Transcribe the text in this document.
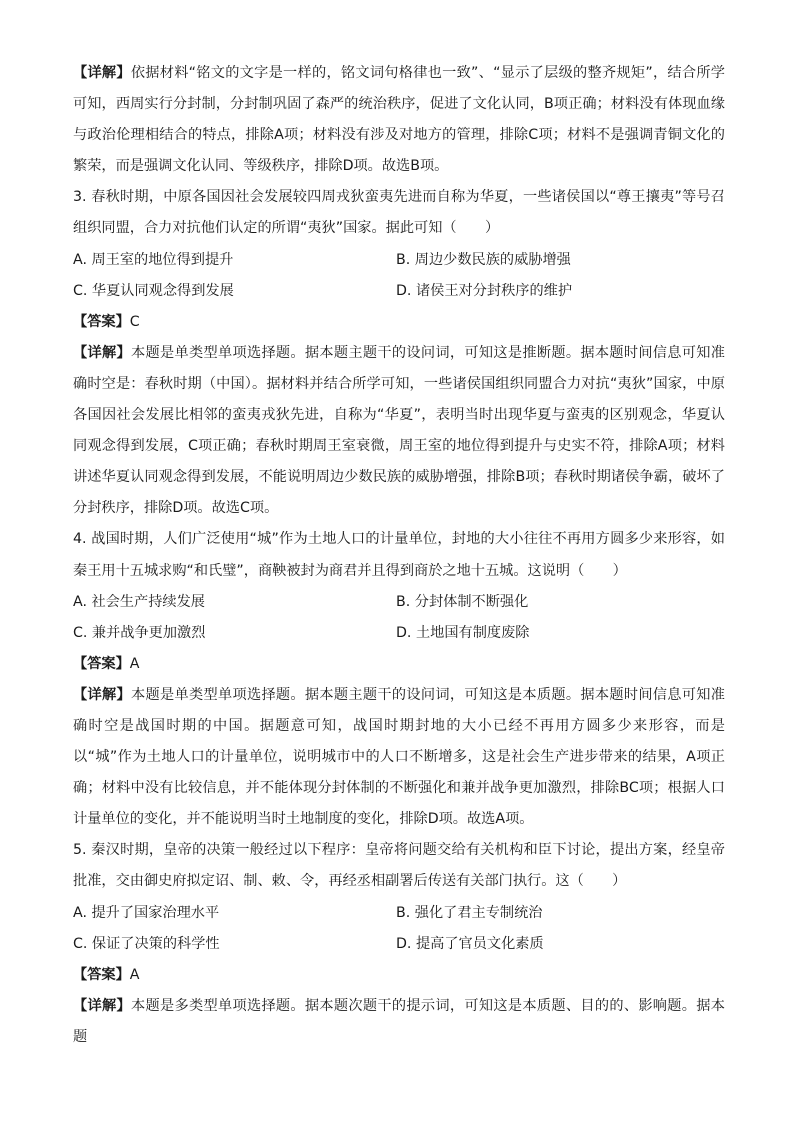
【详解】依据材料“铭文的文字是一样的，铭文词句格律也一致”、“显示了层级的整齐规矩”，结合所学可知，西周实行分封制，分封制巩固了森严的统治秩序，促进了文化认同，B项正确；材料没有体现血缘与政治伦理相结合的特点，排除A项；材料没有涉及对地方的管理，排除C项；材料不是强调青铜文化的繁荣，而是强调文化认同、等级秩序，排除D项。故选B项。

3. 春秋时期，中原各国因社会发展较四周戎狄蛮夷先进而自称为华夏，一些诸侯国以“尊王攘夷”等号召组织同盟，合力对抗他们认定的所谓“夷狄”国家。据此可知（　　）

A. 周王室的地位得到提升	B. 周边少数民族的威胁增强
C. 华夏认同观念得到发展	D. 诸侯王对分封秩序的维护
【答案】C

【详解】本题是单类型单项选择题。据本题主题干的设问词，可知这是推断题。据本题时间信息可知准确时空是：春秋时期（中国）。据材料并结合所学可知，一些诸侯国组织同盟合力对抗“夷狄”国家，中原各国因社会发展比相邻的蛮夷戎狄先进，自称为“华夏”，表明当时出现华夏与蛮夷的区别观念，华夏认同观念得到发展，C项正确；春秋时期周王室衰微，周王室的地位得到提升与史实不符，排除A项；材料讲述华夏认同观念得到发展，不能说明周边少数民族的威胁增强，排除B项；春秋时期诸侯争霸，破坏了分封秩序，排除D项。故选C项。

4. 战国时期，人们广泛使用“城”作为土地人口的计量单位，封地的大小往往不再用方圆多少来形容，如秦王用十五城求购“和氏璧”，商鞅被封为商君并且得到商於之地十五城。这说明（　　）

A. 社会生产持续发展	B. 分封体制不断强化
C. 兼并战争更加激烈	D. 土地国有制度废除
【答案】A

【详解】本题是单类型单项选择题。据本题主题干的设问词，可知这是本质题。据本题时间信息可知准确时空是战国时期的中国。据题意可知，战国时期封地的大小已经不再用方圆多少来形容，而是以“城”作为土地人口的计量单位，说明城市中的人口不断增多，这是社会生产进步带来的结果，A项正确；材料中没有比较信息，并不能体现分封体制的不断强化和兼并战争更加激烈，排除BC项；根据人口计量单位的变化，并不能说明当时土地制度的变化，排除D项。故选A项。

5. 秦汉时期，皇帝的决策一般经过以下程序：皇帝将问题交给有关机构和臣下讨论，提出方案，经皇帝批准，交由御史府拟定诏、制、敕、令，再经丞相副署后传送有关部门执行。这（　　）

A. 提升了国家治理水平	B. 强化了君主专制统治
C. 保证了决策的科学性	D. 提高了官员文化素质
【答案】A

【详解】本题是多类型单项选择题。据本题次题干的提示词，可知这是本质题、目的的、影响题。据本题
